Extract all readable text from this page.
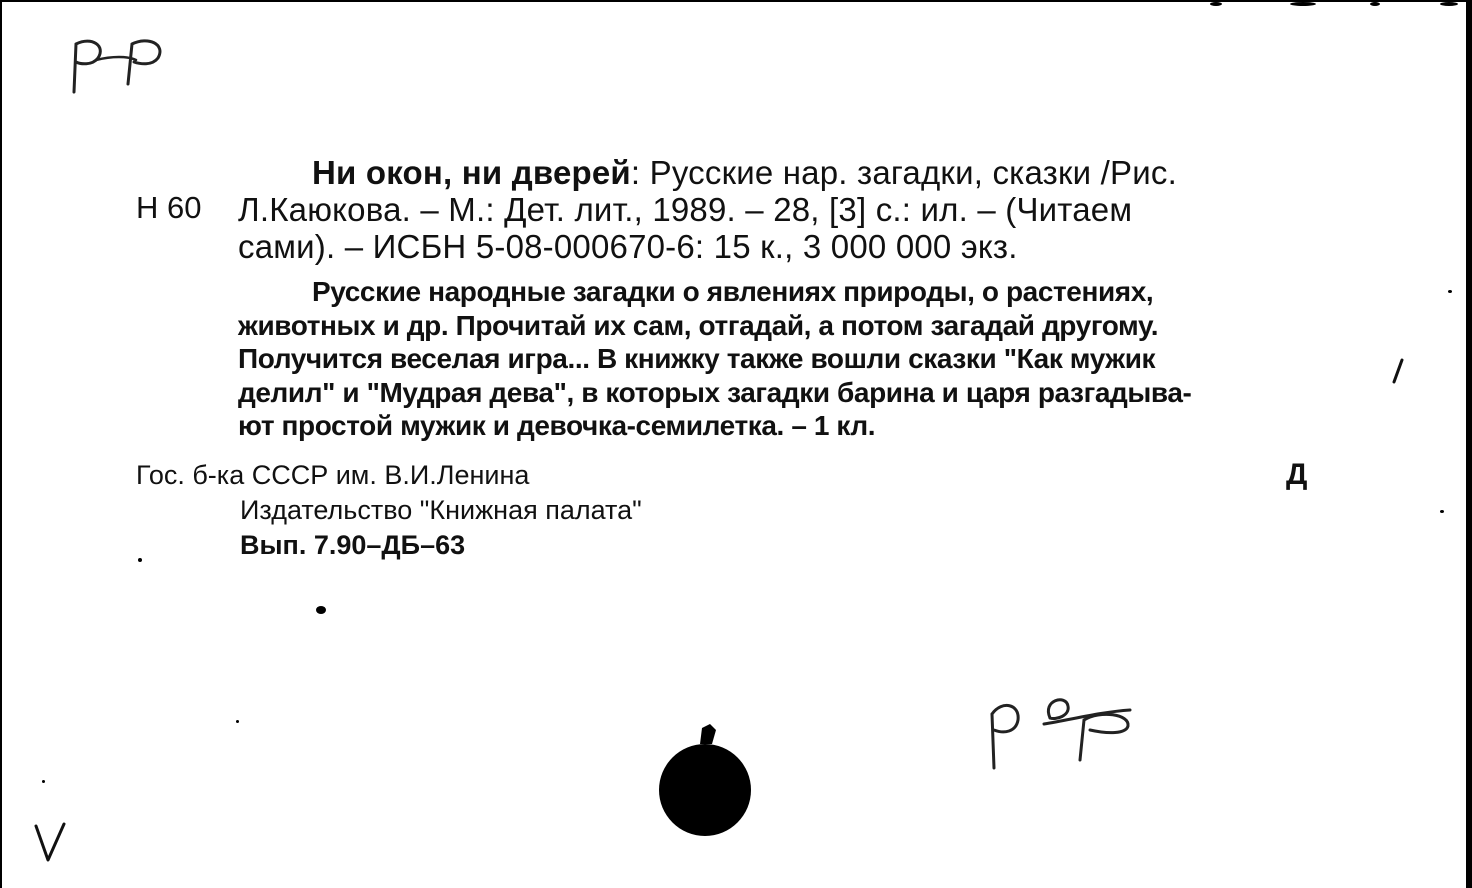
Н 60
Ни окон, ни дверей: Русские нар. загадки, сказки /Рис.
Л.Каюкова. – М.: Дет. лит., 1989. – 28, [3] с.: ил. – (Читаем
сами). – ИСБН 5-08-000670-6: 15 к., 3 000 000 экз.
Русские народные загадки о явлениях природы, о растениях,
животных и др. Прочитай их сам, отгадай, а потом загадай другому.
Получится веселая игра... В книжку также вошли сказки "Как мужик
делил" и "Мудрая дева", в которых загадки барина и царя разгадыва-
ют простой мужик и девочка-семилетка. – 1 кл.
Гос. б-ка СССР им. В.И.Ленина
Издательство "Книжная палата"
Вып. 7.90–ДБ–63
Д
